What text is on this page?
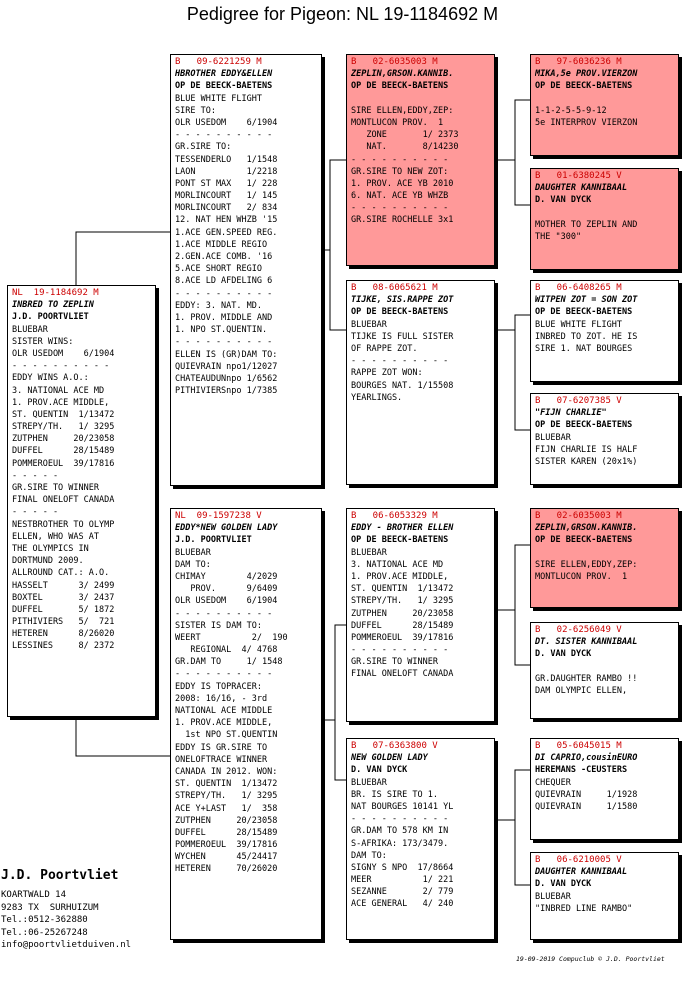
Pedigree for Pigeon: NL 19-1184692 M
NL  19-1184692 M
INBRED TO ZEPLIN
J.D. POORTVLIET
BLUEBAR
SISTER WINS:
OLR USEDOM    6/1904
- - - - - - - - - -
EDDY WINS A.O.:
3. NATIONAL ACE MD
1. PROV.ACE MIDDLE,
ST. QUENTIN  1/13472
STREPY/TH.   1/ 3295
ZUTPHEN     20/23058
DUFFEL      28/15489
POMMEROEUL  39/17816
- - - - -
GR.SIRE TO WINNER
FINAL ONELOFT CANADA
- - - - -
NESTBROTHER TO OLYMP
ELLEN, WHO WAS AT
THE OLYMPICS IN
DORTMUND 2009.
ALLROUND CAT.: A.O.
HASSELT      3/ 2499
BOXTEL       3/ 2437
DUFFEL       5/ 1872
PITHIVIERS   5/  721
HETEREN      8/26020
LESSINES     8/ 2372
B   09-6221259 M
HBROTHER EDDY&ELLEN
OP DE BEECK-BAETENS
BLUE WHITE FLIGHT
SIRE TO:
OLR USEDOM    6/1904
- - - - - - - - - -
GR.SIRE TO:
TESSENDERLO   1/1548
LAON          1/2218
PONT ST MAX   1/ 228
MORLINCOURT   1/ 145
MORLINCOURT   2/ 834
12. NAT HEN WHZB '15
1.ACE GEN.SPEED REG.
1.ACE MIDDLE REGIO
2.GEN.ACE COMB. '16
5.ACE SHORT REGIO
8.ACE LD AFDELING 6
- - - - - - - - - -
EDDY: 3. NAT. MD.
1. PROV. MIDDLE AND
1. NPO ST.QUENTIN.
- - - - - - - - - -
ELLEN IS (GR)DAM TO:
QUIEVRAIN npo1/12027
CHATEAUDUNnpo 1/6562
PITHIVIERSnpo 1/7385
NL  09-1597238 V
EDDY*NEW GOLDEN LADY
J.D. POORTVLIET
BLUEBAR
DAM TO:
CHIMAY        4/2029
PROV.      9/6409
OLR USEDOM    6/1904
- - - - - - - - - -
SISTER IS DAM TO:
WEERT          2/  190
REGIONAL  4/ 4768
GR.DAM TO     1/ 1548
- - - - - - - - - -
EDDY IS TOPRACER:
2008: 16/16, - 3rd
NATIONAL ACE MIDDLE
1. PROV.ACE MIDDLE,
1st NPO ST.QUENTIN
EDDY IS GR.SIRE TO
ONELOFTRACE WINNER
CANADA IN 2012. WON:
ST. QUENTIN  1/13472
STREPY/TH.   1/ 3295
ACE Y+LAST   1/  358
ZUTPHEN     20/23058
DUFFEL      28/15489
POMMEROEUL  39/17816
WYCHEN      45/24417
HETEREN     70/26020
B   02-6035003 M
ZEPLIN,GRSON.KANNIB.
OP DE BEECK-BAETENS
SIRE ELLEN,EDDY,ZEP:
MONTLUCON PROV.  1
ZONE       1/ 2373
NAT.       8/14230
- - - - - - - - - -
GR.SIRE TO NEW ZOT:
1. PROV. ACE YB 2010
6. NAT. ACE YB WHZB
- - - - - - - - - -
GR.SIRE ROCHELLE 3x1
B   08-6065621 M
TIJKE, SIS.RAPPE ZOT
OP DE BEECK-BAETENS
BLUEBAR
TIJKE IS FULL SISTER
OF RAPPE ZOT.
- - - - - - - - - -
RAPPE ZOT WON:
BOURGES NAT. 1/15508
YEARLINGS.
B   06-6053329 M
EDDY - BROTHER ELLEN
OP DE BEECK-BAETENS
BLUEBAR
3. NATIONAL ACE MD
1. PROV.ACE MIDDLE,
ST. QUENTIN  1/13472
STREPY/TH.   1/ 3295
ZUTPHEN     20/23058
DUFFEL      28/15489
POMMEROEUL  39/17816
- - - - - - - - - -
GR.SIRE TO WINNER
FINAL ONELOFT CANADA
B   07-6363800 V
NEW GOLDEN LADY
D. VAN DYCK
BLUEBAR
BR. IS SIRE TO 1.
NAT BOURGES 10141 YL
- - - - - - - - - -
GR.DAM TO 578 KM IN
S-AFRIKA: 173/3479.
DAM TO:
SIGNY S NPO  17/8664
MEER          1/ 221
SEZANNE       2/ 779
ACE GENERAL   4/ 240
B   97-6036236 M
MIKA,5e PROV.VIERZON
OP DE BEECK-BAETENS
1-1-2-5-5-9-12
5e INTERPROV VIERZON
B   01-6380245 V
DAUGHTER KANNIBAAL
D. VAN DYCK
MOTHER TO ZEPLIN AND
THE "300"
B   06-6408265 M
WITPEN ZOT = SON ZOT
OP DE BEECK-BAETENS
BLUE WHITE FLIGHT
INBRED TO ZOT. HE IS
SIRE 1. NAT BOURGES
B   07-6207385 V
"FIJN CHARLIE"
OP DE BEECK-BAETENS
BLUEBAR
FIJN CHARLIE IS HALF
SISTER KAREN (20x1%)
B   02-6035003 M
ZEPLIN,GRSON.KANNIB.
OP DE BEECK-BAETENS
SIRE ELLEN,EDDY,ZEP:
MONTLUCON PROV.  1
B   02-6256049 V
DT. SISTER KANNIBAAL
D. VAN DYCK
GR.DAUGHTER RAMBO !!
DAM OLYMPIC ELLEN,
B   05-6045015 M
DI CAPRIO,cousinEURO
HEREMANS -CEUSTERS
CHEQUER
QUIEVRAIN     1/1928
QUIEVRAIN     1/1580
B   06-6210005 V
DAUGHTER KANNIBAAL
D. VAN DYCK
BLUEBAR
"INBRED LINE RAMBO"
J.D. Poortvliet
KOARTWALD 14
9283 TX  SURHUIZUM
Tel.:0512-362880
Tel.:06-25267248
info@poortvlietduiven.nl
19-09-2019 Compuclub © J.D. Poortvliet
